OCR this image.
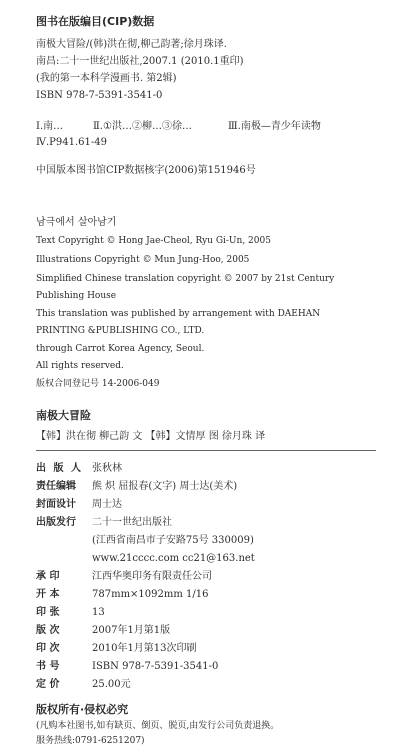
图书在版编目(CIP)数据
南极大冒险/(韩)洪在彻,柳己韵著;徐月珠译.
南昌:二十一世纪出版社,2007.1 (2010.1重印)
(我的第一本科学漫画书. 第2辑)
ISBN 978-7-5391-3541-0
Ⅰ.南…	Ⅱ.①洪…②柳…③徐…	Ⅲ.南极—青少年读物
Ⅳ.P941.61-49
中国版本图书馆CIP数据核字(2006)第151946号
남극에서 살아남기
Text Copyright © Hong Jae-Cheol, Ryu Gi-Un, 2005
Illustrations Copyright © Mun Jung-Hoo, 2005
Simplified Chinese translation copyright © 2007 by 21st Century
Publishing House
This translation was published by arrangement with DAEHAN
PRINTING &PUBLISHING CO., LTD.
through Carrot Korea Agency, Seoul.
All rights reserved.
版权合同登记号 14-2006-049
南极大冒险
【韩】洪在彻 柳己韵 文 【韩】文情厚 图 徐月珠 译
出 版 人 张秋林
责任编辑 熊 炽 屈报春(文字) 周士达(美术)
封面设计 周士达
出版发行 二十一世纪出版社
(江西省南昌市子安路75号 330009)
www.21cccc.com cc21@163.net
承 印	江西华奥印务有限责任公司
开 本	787mm×1092mm 1/16
印 张	13
版 次	2007年1月第1版
印 次	2010年1月第13次印刷
书 号	ISBN 978-7-5391-3541-0
定 价	25.00元
版权所有·侵权必究
(凡购本社图书,如有缺页、倒页、脱页,由发行公司负责退换。
服务热线:0791-6251207)
